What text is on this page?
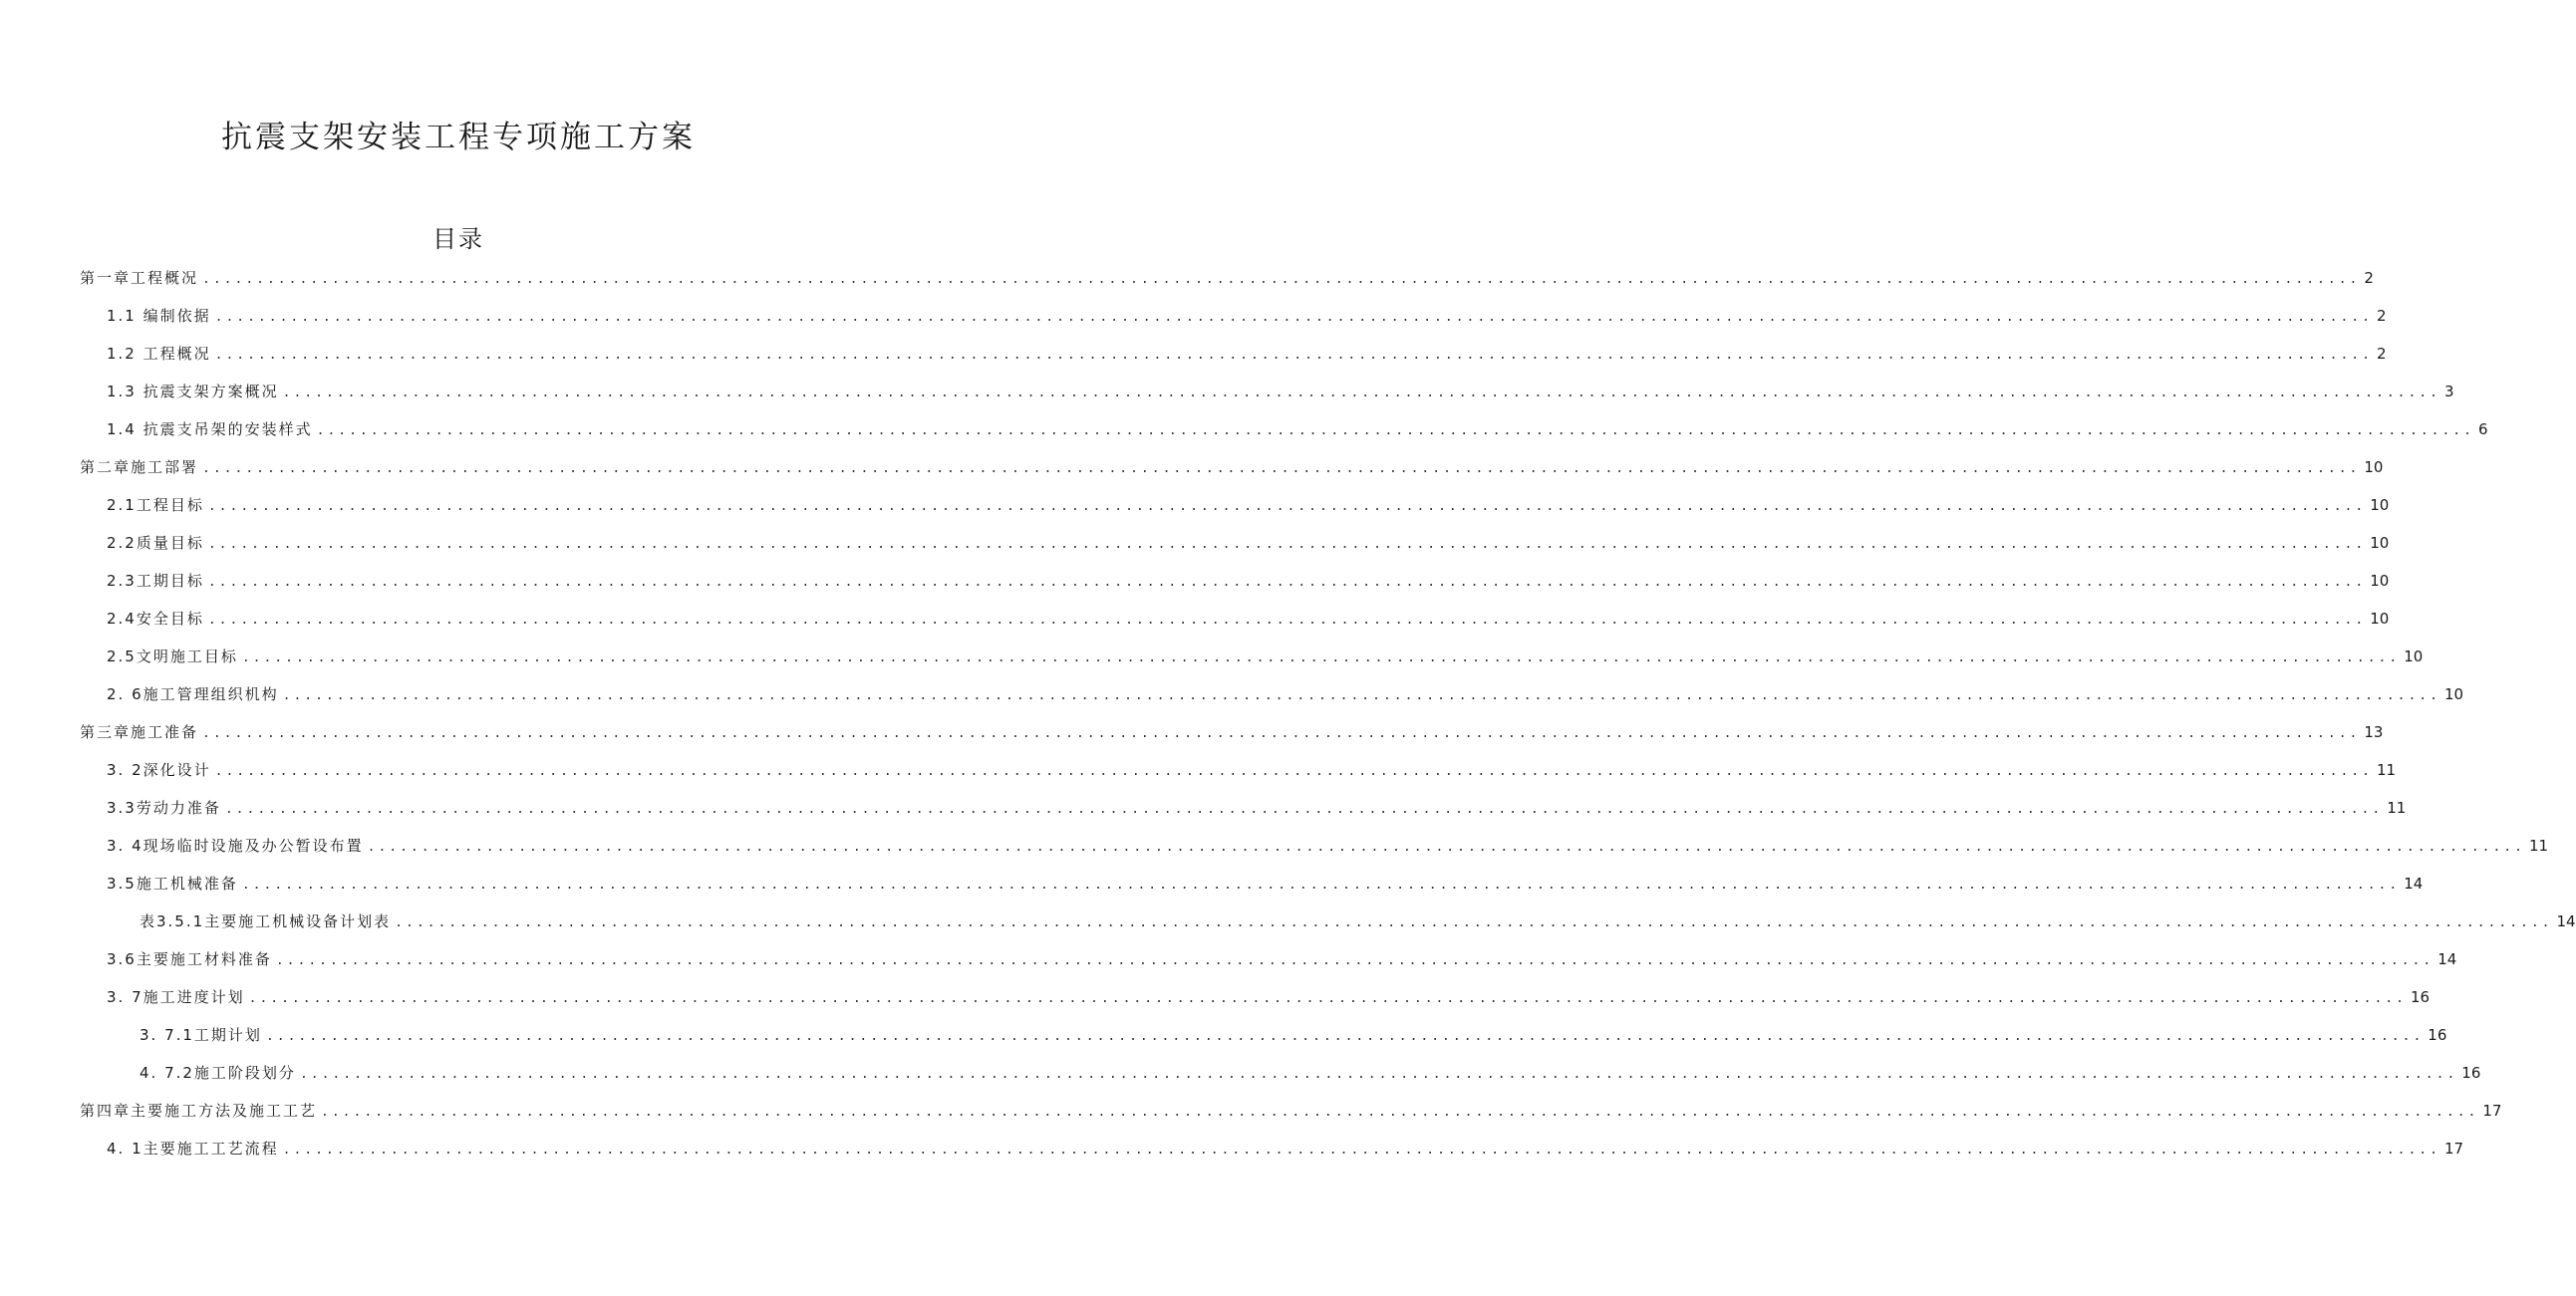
抗震支架安装工程专项施工方案
目录
第一章工程概况 ........................................................................................................................................................................................................ 2
1.1 编制依据 ........................................................................................................................................................................................................ 2
1.2 工程概况 ........................................................................................................................................................................................................ 2
1.3 抗震支架方案概况 ........................................................................................................................................................................................................ 3
1.4 抗震支吊架的安装样式 ........................................................................................................................................................................................................ 6
第二章施工部署 ........................................................................................................................................................................................................ 10
2.1工程目标 ........................................................................................................................................................................................................ 10
2.2质量目标 ........................................................................................................................................................................................................ 10
2.3工期目标 ........................................................................................................................................................................................................ 10
2.4安全目标 ........................................................................................................................................................................................................ 10
2.5文明施工目标 ........................................................................................................................................................................................................ 10
2. 6施工管理组织机构 ........................................................................................................................................................................................................ 10
第三章施工准备 ........................................................................................................................................................................................................ 13
3. 2深化设计 ........................................................................................................................................................................................................ 11
3.3劳动力准备 ........................................................................................................................................................................................................ 11
3. 4现场临时设施及办公暂设布置 ........................................................................................................................................................................................................ 11
3.5施工机械准备 ........................................................................................................................................................................................................ 14
表3.5.1主要施工机械设备计划表 ........................................................................................................................................................................................................ 14
3.6主要施工材料准备 ........................................................................................................................................................................................................ 14
3. 7施工进度计划 ........................................................................................................................................................................................................ 16
3. 7.1工期计划 ........................................................................................................................................................................................................ 16
4. 7.2施工阶段划分 ........................................................................................................................................................................................................ 16
第四章主要施工方法及施工工艺 ........................................................................................................................................................................................................ 17
4. 1主要施工工艺流程 ........................................................................................................................................................................................................ 17
